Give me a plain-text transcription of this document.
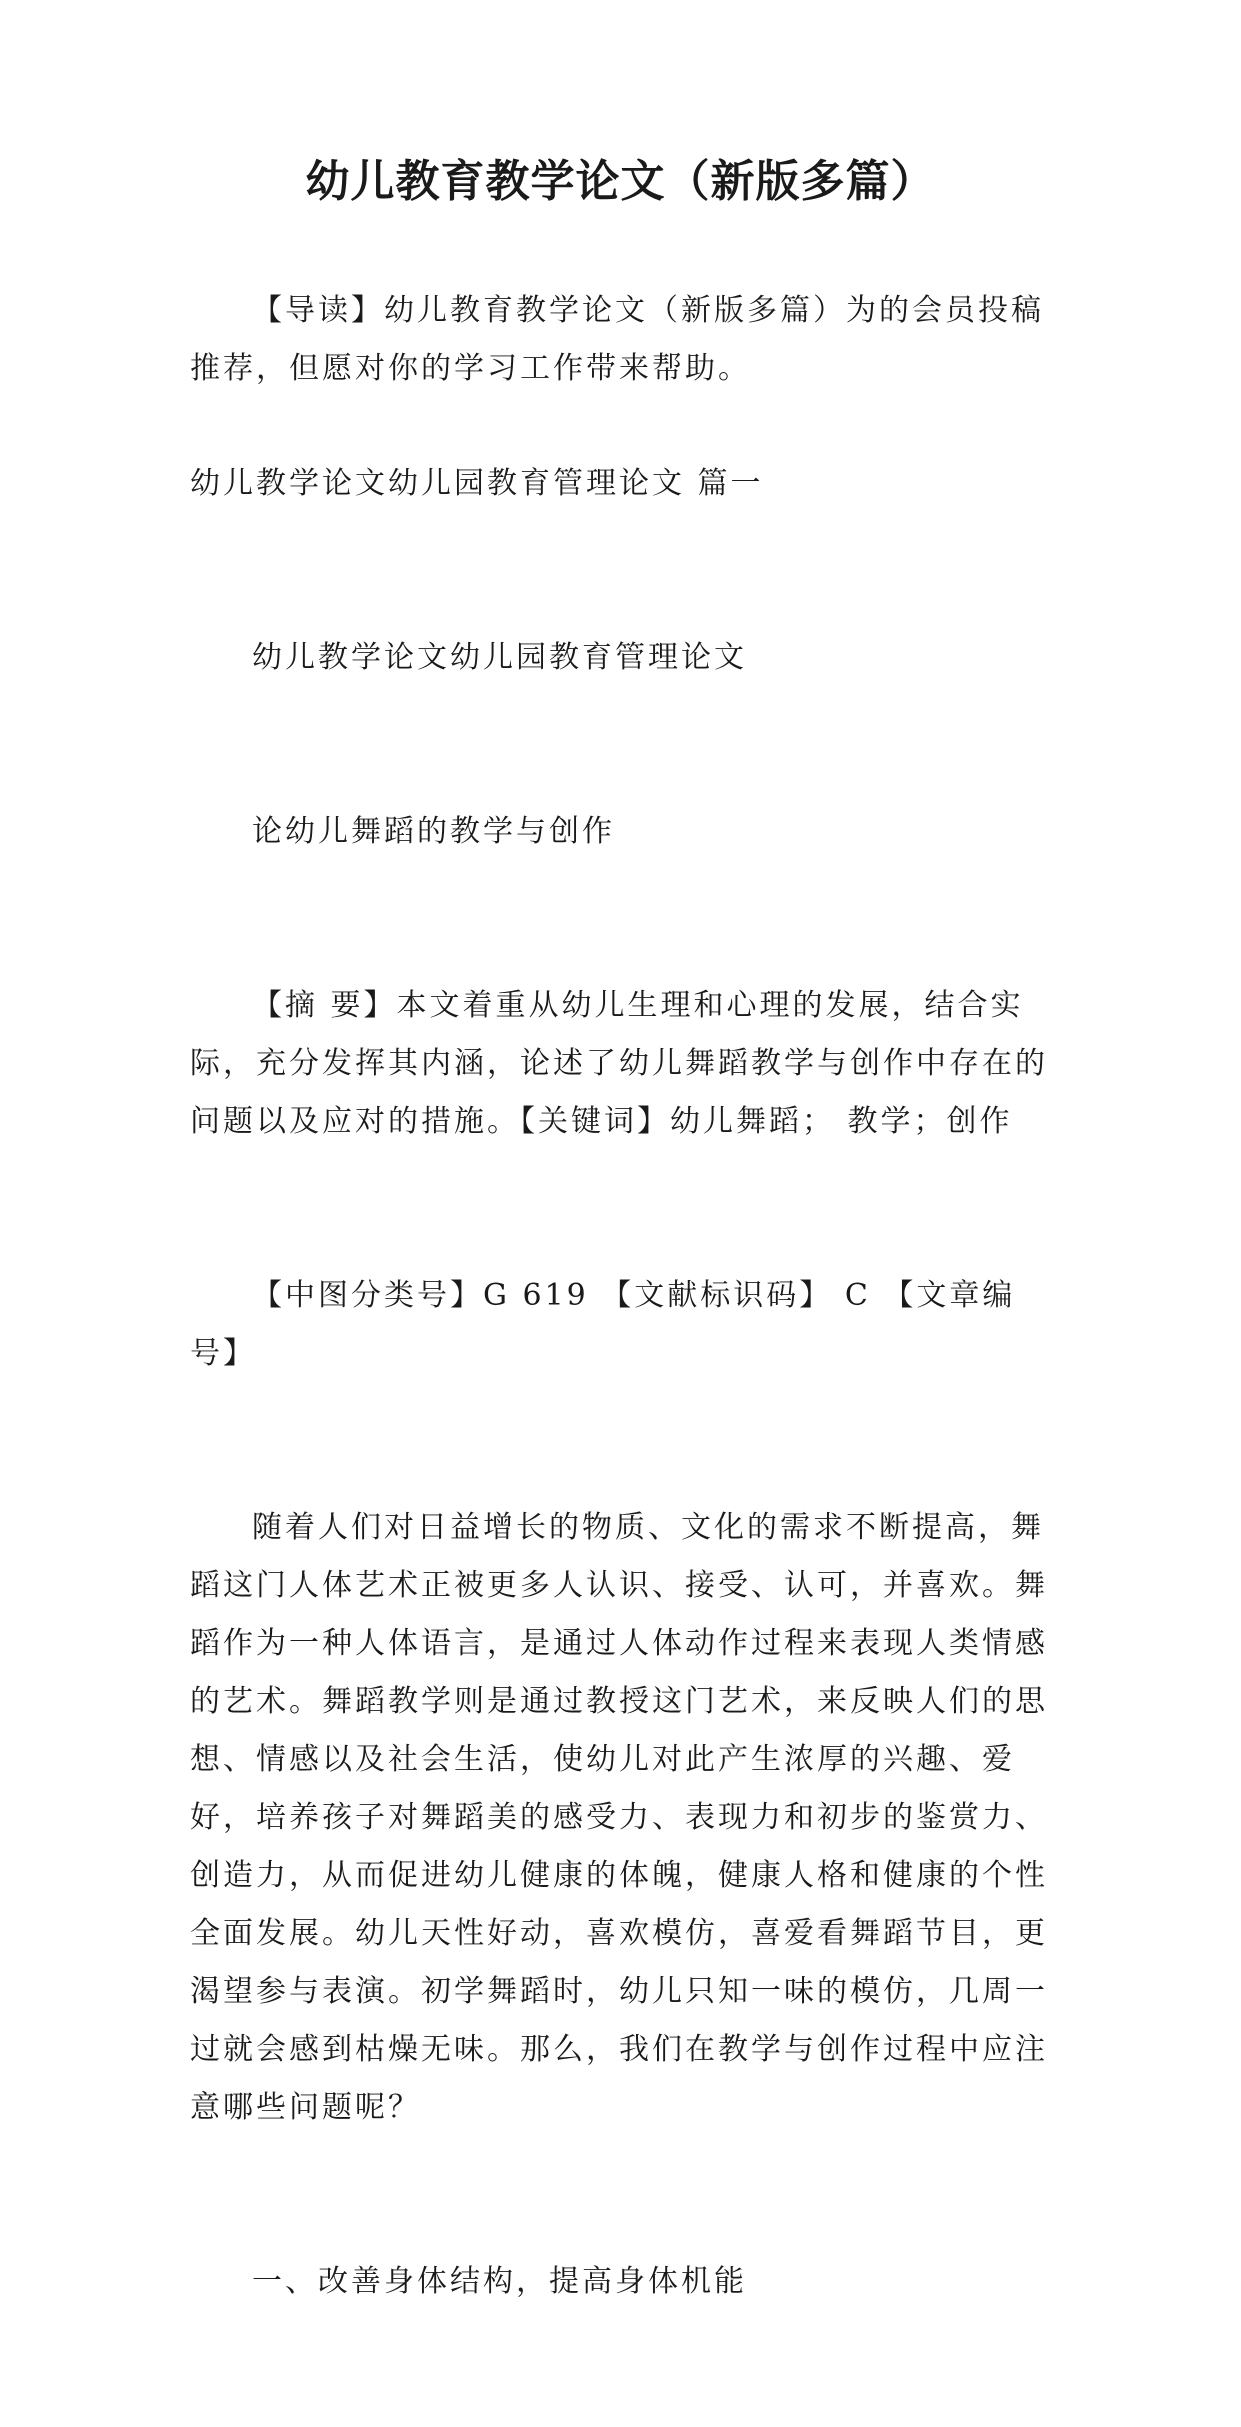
幼儿教育教学论文（新版多篇）

【导读】幼儿教育教学论文（新版多篇）为的会员投稿推荐，但愿对你的学习工作带来帮助。

幼儿教学论文幼儿园教育管理论文 篇一

幼儿教学论文幼儿园教育管理论文

论幼儿舞蹈的教学与创作

【摘 要】本文着重从幼儿生理和心理的发展，结合实际，充分发挥其内涵，论述了幼儿舞蹈教学与创作中存在的问题以及应对的措施。【关键词】幼儿舞蹈； 教学；创作

【中图分类号】G 619 【文献标识码】 C 【文章编号】

随着人们对日益增长的物质、文化的需求不断提高，舞蹈这门人体艺术正被更多人认识、接受、认可，并喜欢。舞蹈作为一种人体语言，是通过人体动作过程来表现人类情感的艺术。舞蹈教学则是通过教授这门艺术，来反映人们的思想、情感以及社会生活，使幼儿对此产生浓厚的兴趣、爱好，培养孩子对舞蹈美的感受力、表现力和初步的鉴赏力、创造力，从而促进幼儿健康的体魄，健康人格和健康的个性全面发展。幼儿天性好动，喜欢模仿，喜爱看舞蹈节目，更渴望参与表演。初学舞蹈时，幼儿只知一味的模仿，几周一过就会感到枯燥无味。那么，我们在教学与创作过程中应注意哪些问题呢？

一、改善身体结构，提高身体机能
